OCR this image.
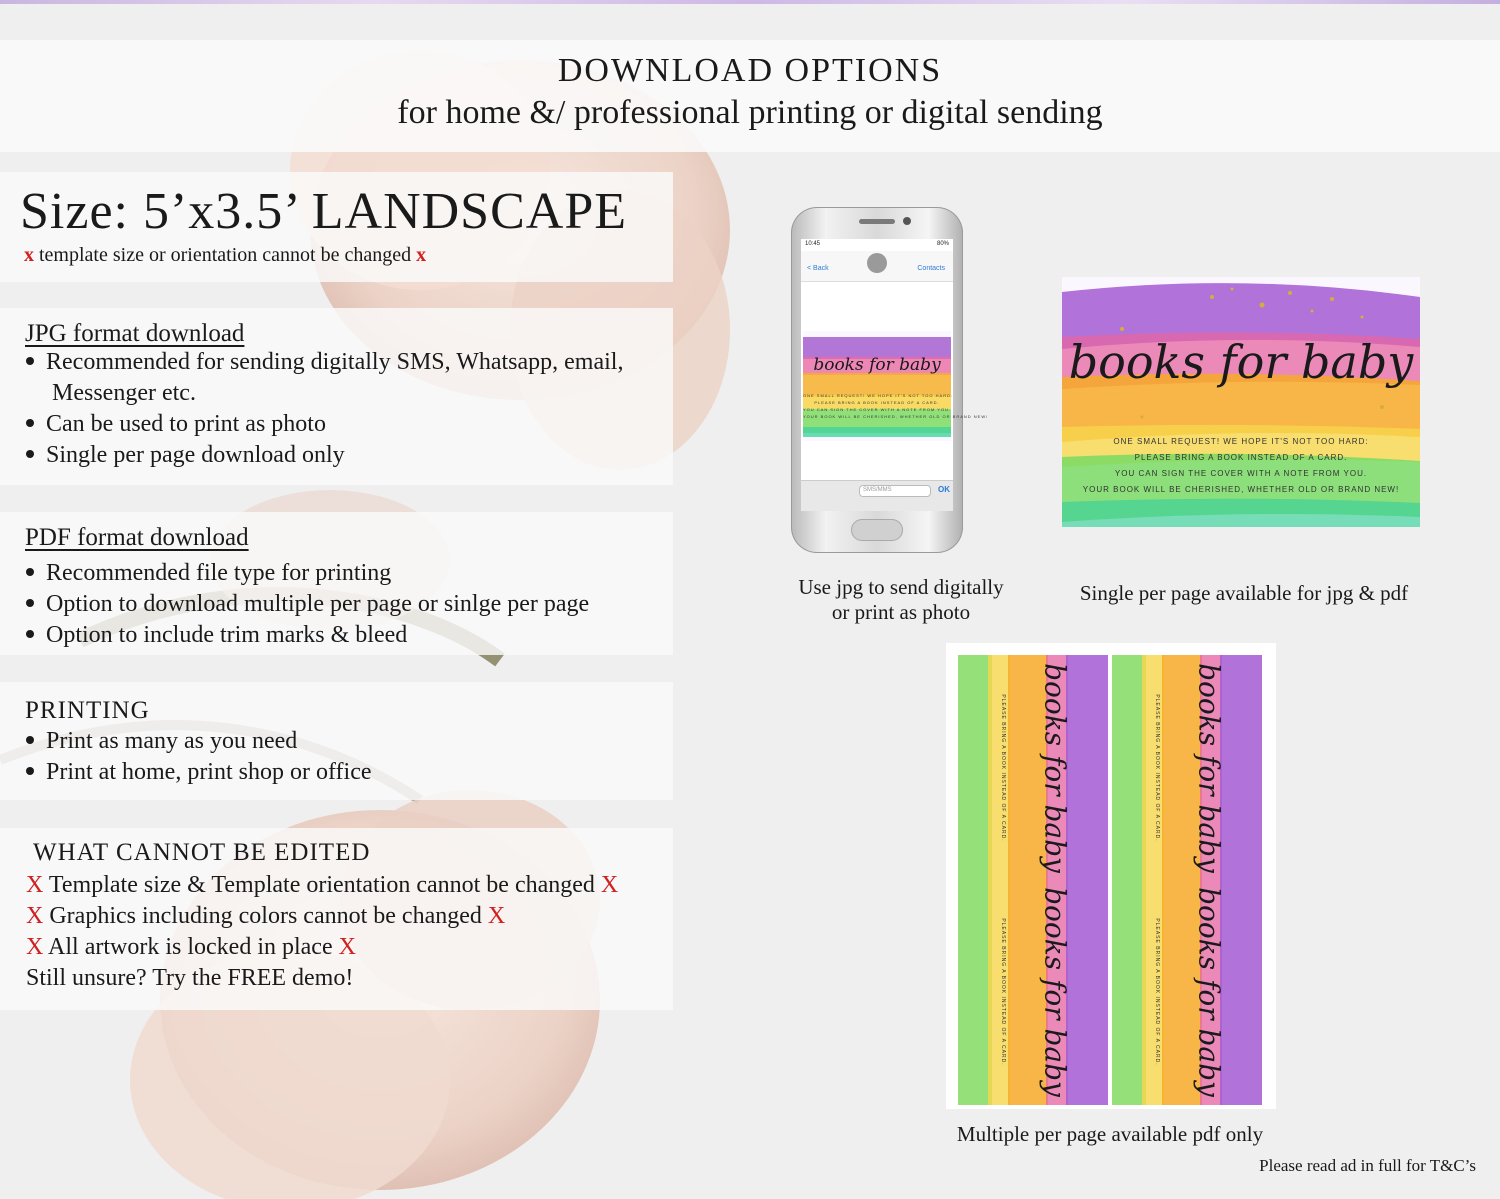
DOWNLOAD OPTIONS
for home &/ professional printing or digital sending
Size: 5’x3.5’ LANDSCAPE
x template size or orientation cannot be changed x
JPG format download
Recommended for sending digitally SMS, Whatsapp, email,
Messenger etc.
Can be used to print as photo
Single per page download only
PDF format download
Recommended file type for printing
Option to download multiple per page or sinlge per page
Option to include trim marks & bleed
PRINTING
Print as many as you need
Print at home, print shop or office
WHAT CANNOT BE EDITED
X Template size & Template orientation cannot be changed X
X Graphics including colors cannot be changed X
X All artwork is locked in place X
Still unsure? Try the FREE demo!
10:45	80%
< Back	Contacts
books for baby
ONE SMALL REQUEST! WE HOPE IT'S NOT TOO HARD:
PLEASE BRING A BOOK INSTEAD OF A CARD.
YOU CAN SIGN THE COVER WITH A NOTE FROM YOU.
YOUR BOOK WILL BE CHERISHED, WHETHER OLD OR BRAND NEW!
SMS/MMS	OK
Use jpg to send digitally
or print as photo
books for baby
ONE SMALL REQUEST! WE HOPE IT'S NOT TOO HARD:
PLEASE BRING A BOOK INSTEAD OF A CARD.
YOU CAN SIGN THE COVER WITH A NOTE FROM YOU.
YOUR BOOK WILL BE CHERISHED, WHETHER OLD OR BRAND NEW!
Single per page available for jpg & pdf
books for baby
PLEASE BRING A BOOK INSTEAD OF A CARD.	books for baby
PLEASE BRING A BOOK INSTEAD OF A CARD.
books for baby
PLEASE BRING A BOOK INSTEAD OF A CARD.	books for baby
PLEASE BRING A BOOK INSTEAD OF A CARD.
Multiple per page available pdf only
Please read ad in full for T&C’s
